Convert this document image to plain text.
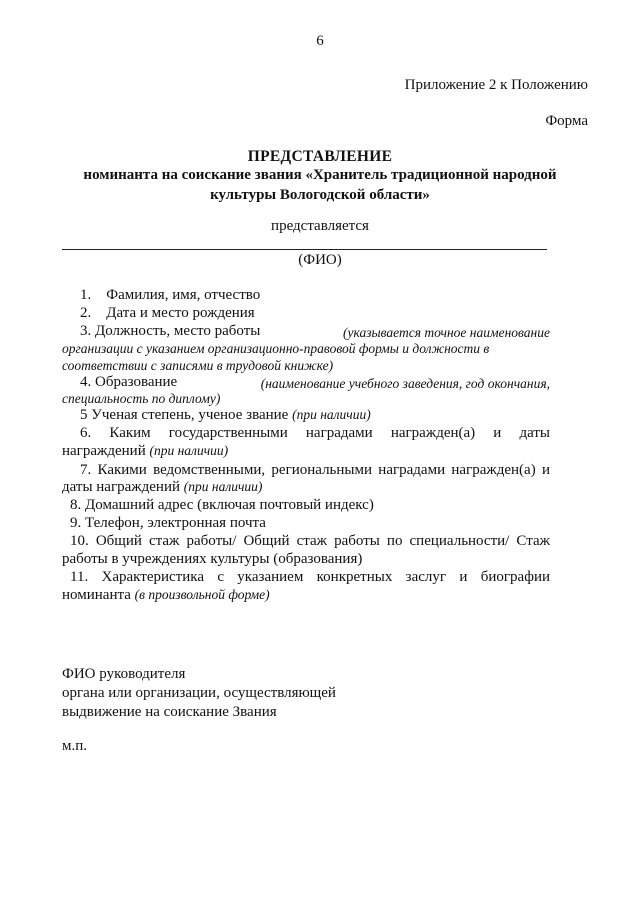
6
Приложение 2 к Положению
Форма
ПРЕДСТАВЛЕНИЕ
номинанта на соискание звания «Хранитель традиционной народной
культуры Вологодской области»
представляется
(ФИО)
1. Фамилия, имя, отчество
2. Дата и место рождения
3. Должность, место работы	(указывается точное наименование
организации с указанием организационно-правовой формы и должности в
соответствии с записями в трудовой книжке)
4. Образование	(наименование учебного заведения, год окончания,
специальность по диплому)
5 Ученая степень, ученое звание (при наличии)
6. Каким государственными наградами награжден(а) и даты
награждений (при наличии)
7. Какими ведомственными, региональными наградами награжден(а) и
даты награждений (при наличии)
8. Домашний адрес (включая почтовый индекс)
9. Телефон, электронная почта
10. Общий стаж работы/ Общий стаж работы по специальности/ Стаж
работы в учреждениях культуры (образования)
11. Характеристика с указанием конкретных заслуг и биографии
номинанта (в произвольной форме)
ФИО руководителя
органа или организации, осуществляющей
выдвижение на соискание Звания
м.п.
